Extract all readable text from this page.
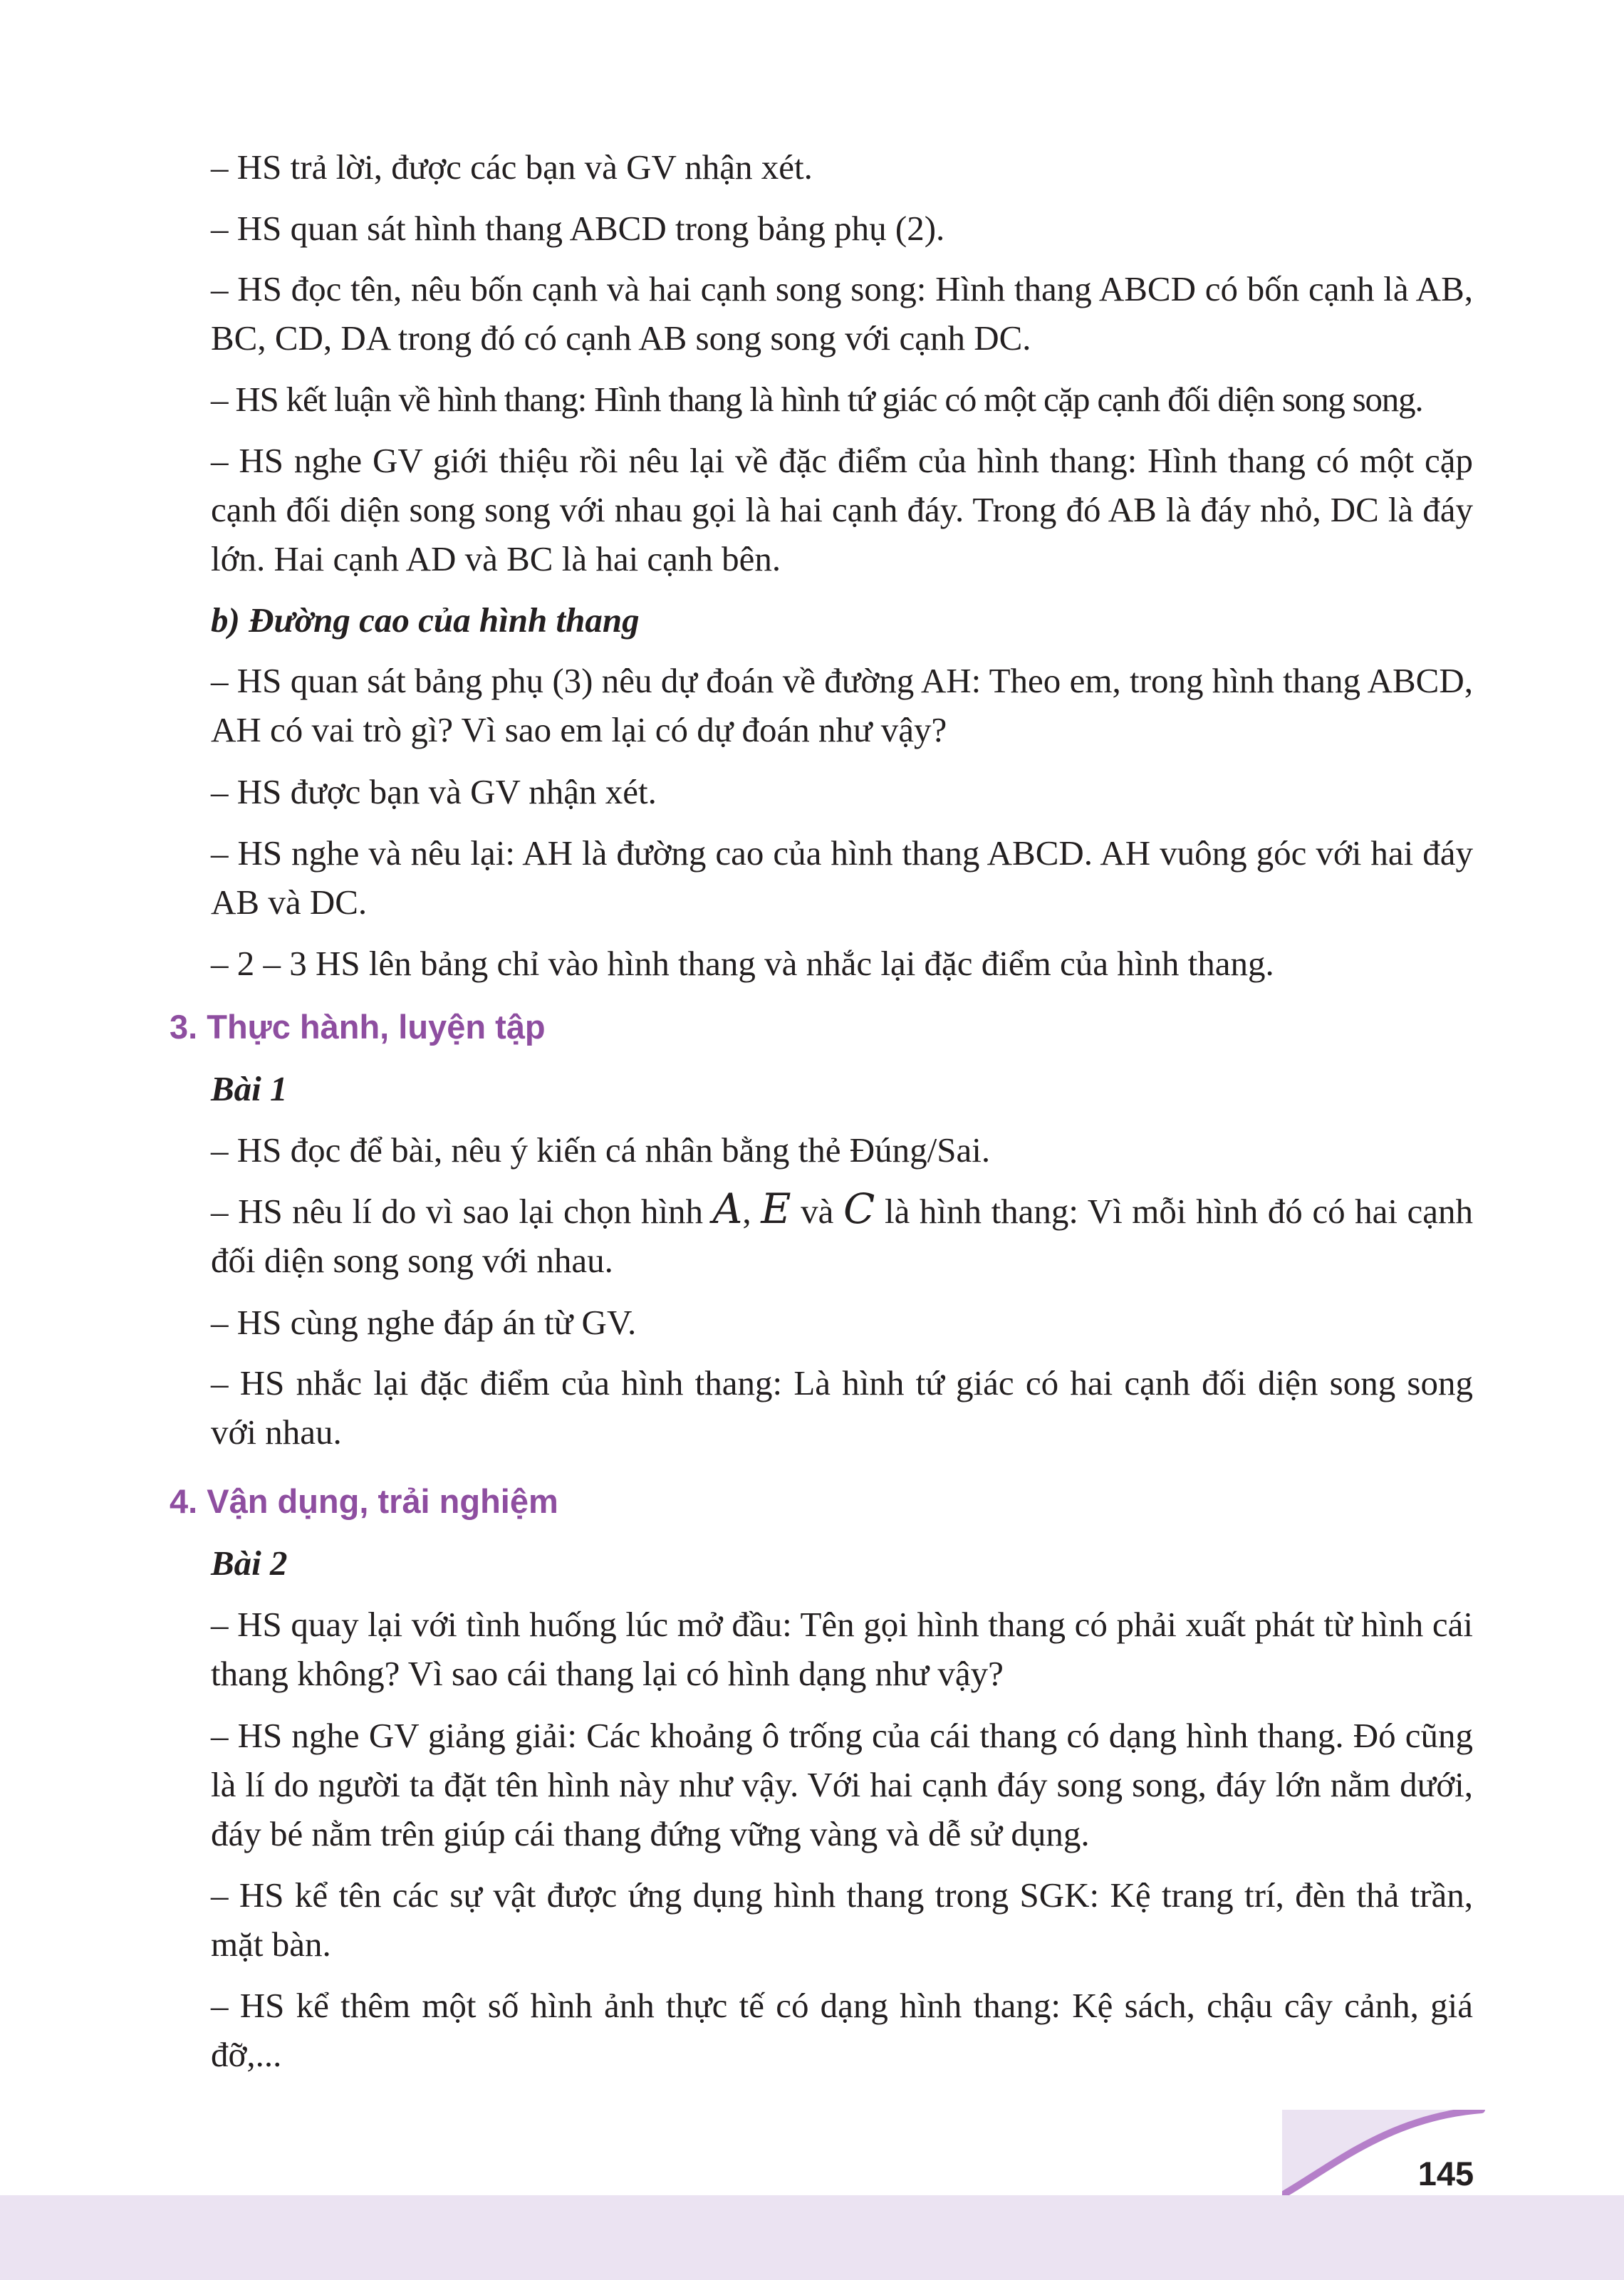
– HS trả lời, được các bạn và GV nhận xét.

– HS quan sát hình thang ABCD trong bảng phụ (2).

– HS đọc tên, nêu bốn cạnh và hai cạnh song song: Hình thang ABCD có bốn cạnh là AB, BC, CD, DA trong đó có cạnh AB song song với cạnh DC.

– HS kết luận về hình thang: Hình thang là hình tứ giác có một cặp cạnh đối diện song song.

– HS nghe GV giới thiệu rồi nêu lại về đặc điểm của hình thang: Hình thang có một cặp cạnh đối diện song song với nhau gọi là hai cạnh đáy. Trong đó AB là đáy nhỏ, DC là đáy lớn. Hai cạnh AD và BC là hai cạnh bên.

b) Đường cao của hình thang

– HS quan sát bảng phụ (3) nêu dự đoán về đường AH: Theo em, trong hình thang ABCD, AH có vai trò gì? Vì sao em lại có dự đoán như vậy?

– HS được bạn và GV nhận xét.

– HS nghe và nêu lại: AH là đường cao của hình thang ABCD. AH vuông góc với hai đáy AB và DC.

– 2 – 3 HS lên bảng chỉ vào hình thang và nhắc lại đặc điểm của hình thang.

3. Thực hành, luyện tập

Bài 1

– HS đọc để bài, nêu ý kiến cá nhân bằng thẻ Đúng/Sai.

– HS nêu lí do vì sao lại chọn hình A, E và C là hình thang: Vì mỗi hình đó có hai cạnh đối diện song song với nhau.

– HS cùng nghe đáp án từ GV.

– HS nhắc lại đặc điểm của hình thang: Là hình tứ giác có hai cạnh đối diện song song với nhau.

4. Vận dụng, trải nghiệm

Bài 2

– HS quay lại với tình huống lúc mở đầu: Tên gọi hình thang có phải xuất phát từ hình cái thang không? Vì sao cái thang lại có hình dạng như vậy?

– HS nghe GV giảng giải: Các khoảng ô trống của cái thang có dạng hình thang. Đó cũng là lí do người ta đặt tên hình này như vậy. Với hai cạnh đáy song song, đáy lớn nằm dưới, đáy bé nằm trên giúp cái thang đứng vững vàng và dễ sử dụng.

– HS kể tên các sự vật được ứng dụng hình thang trong SGK: Kệ trang trí, đèn thả trần, mặt bàn.

– HS kể thêm một số hình ảnh thực tế có dạng hình thang: Kệ sách, chậu cây cảnh, giá đỡ,...

145
